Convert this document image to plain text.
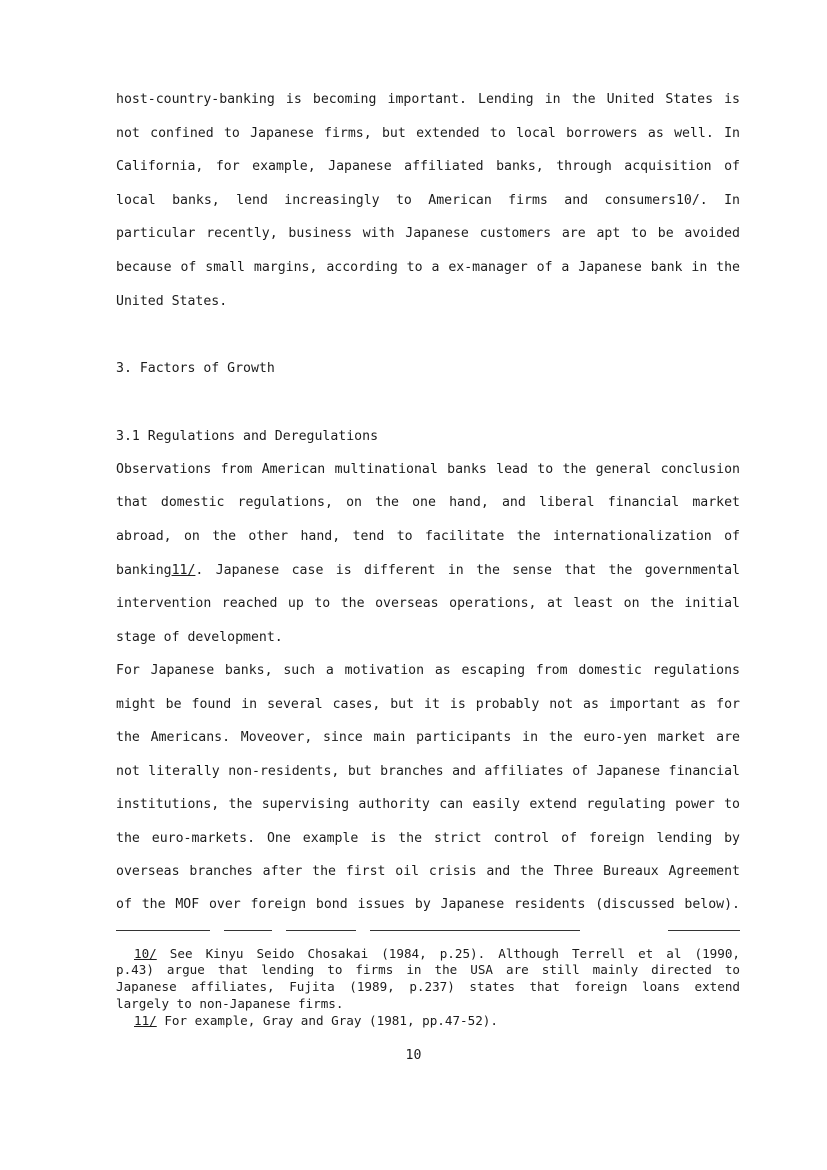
host-country-banking is becoming important. Lending in the United States is
not confined to Japanese firms, but extended to local borrowers as well. In
California, for example, Japanese affiliated banks, through acquisition of
local banks, lend increasingly to American firms and consumers10/. In
particular recently, business with Japanese customers are apt to be avoided
because of small margins, according to a ex-manager of a Japanese bank in the
United States.
3. Factors of Growth
3.1 Regulations and Deregulations
Observations from American multinational banks lead to the general conclusion
that domestic regulations, on the one hand, and liberal financial market
abroad, on the other hand, tend to facilitate the internationalization of
banking11/. Japanese case is different in the sense that the governmental
intervention reached up to the overseas operations, at least on the initial
stage of development.
For Japanese banks, such a motivation as escaping from domestic regulations
might be found in several cases, but it is probably not as important as for
the Americans. Moveover, since main participants in the euro-yen market are
not literally non-residents, but branches and affiliates of Japanese financial
institutions, the supervising authority can easily extend regulating power to
the euro-markets. One example is the strict control of foreign lending by
overseas branches after the first oil crisis and the Three Bureaux Agreement
of the MOF over foreign bond issues by Japanese residents (discussed below).
10/ See Kinyu Seido Chosakai (1984, p.25). Although Terrell et al (1990,
p.43) argue that lending to firms in the USA are still mainly directed to
Japanese affiliates, Fujita (1989, p.237) states that foreign loans extend
largely to non-Japanese firms.
11/ For example, Gray and Gray (1981, pp.47-52).
10
